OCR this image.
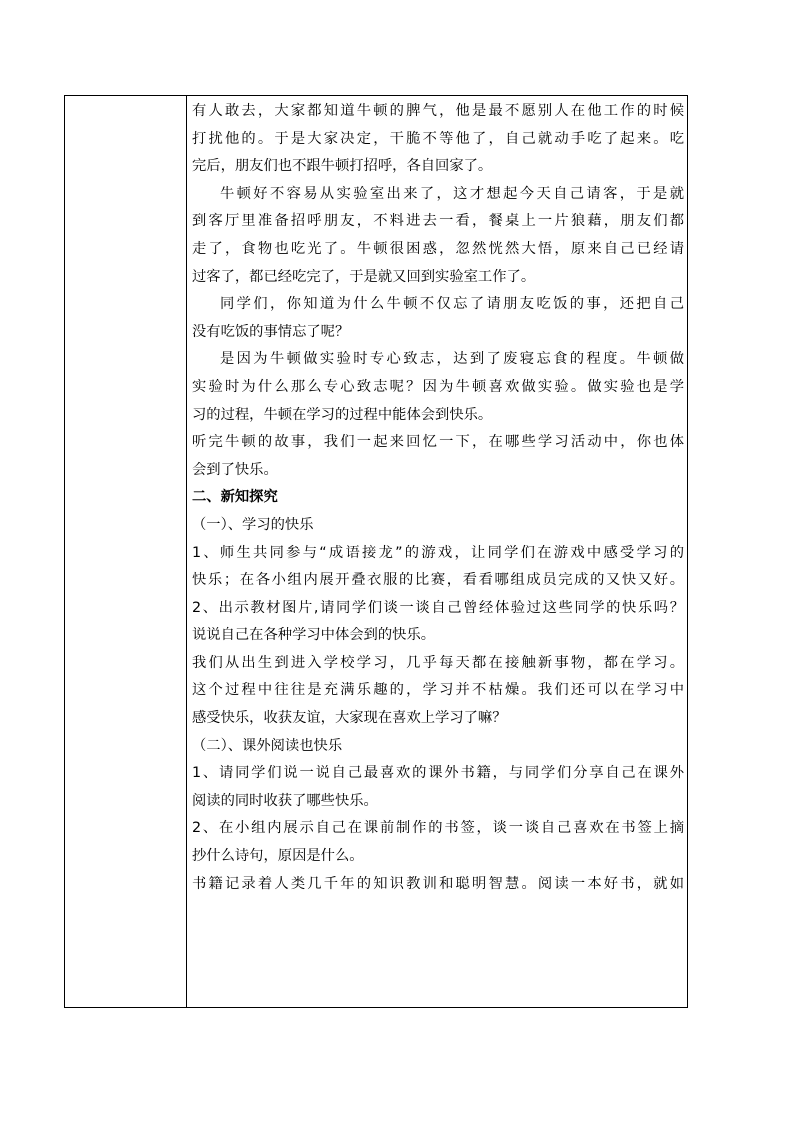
有人敢去，大家都知道牛顿的脾气，他是最不愿别人在他工作的时候
打扰他的。于是大家决定，干脆不等他了，自己就动手吃了起来。吃
完后，朋友们也不跟牛顿打招呼，各自回家了。
牛顿好不容易从实验室出来了，这才想起今天自己请客，于是就
到客厅里准备招呼朋友，不料进去一看，餐桌上一片狼藉，朋友们都
走了，食物也吃光了。牛顿很困惑，忽然恍然大悟，原来自己已经请
过客了，都已经吃完了，于是就又回到实验室工作了。
同学们，你知道为什么牛顿不仅忘了请朋友吃饭的事，还把自己
没有吃饭的事情忘了呢？
是因为牛顿做实验时专心致志，达到了废寝忘食的程度。牛顿做
实验时为什么那么专心致志呢？因为牛顿喜欢做实验。做实验也是学
习的过程，牛顿在学习的过程中能体会到快乐。
听完牛顿的故事，我们一起来回忆一下，在哪些学习活动中，你也体
会到了快乐。
二、新知探究
（一）、学习的快乐
1、师生共同参与“成语接龙”的游戏，让同学们在游戏中感受学习的
快乐；在各小组内展开叠衣服的比赛，看看哪组成员完成的又快又好。
2、出示教材图片,请同学们谈一谈自己曾经体验过这些同学的快乐吗？
说说自己在各种学习中体会到的快乐。
我们从出生到进入学校学习，几乎每天都在接触新事物，都在学习。
这个过程中往往是充满乐趣的，学习并不枯燥。我们还可以在学习中
感受快乐，收获友谊，大家现在喜欢上学习了嘛？
（二）、课外阅读也快乐
1、请同学们说一说自己最喜欢的课外书籍，与同学们分享自己在课外
阅读的同时收获了哪些快乐。
2、在小组内展示自己在课前制作的书签，谈一谈自己喜欢在书签上摘
抄什么诗句，原因是什么。
书籍记录着人类几千年的知识教训和聪明智慧。阅读一本好书，就如
